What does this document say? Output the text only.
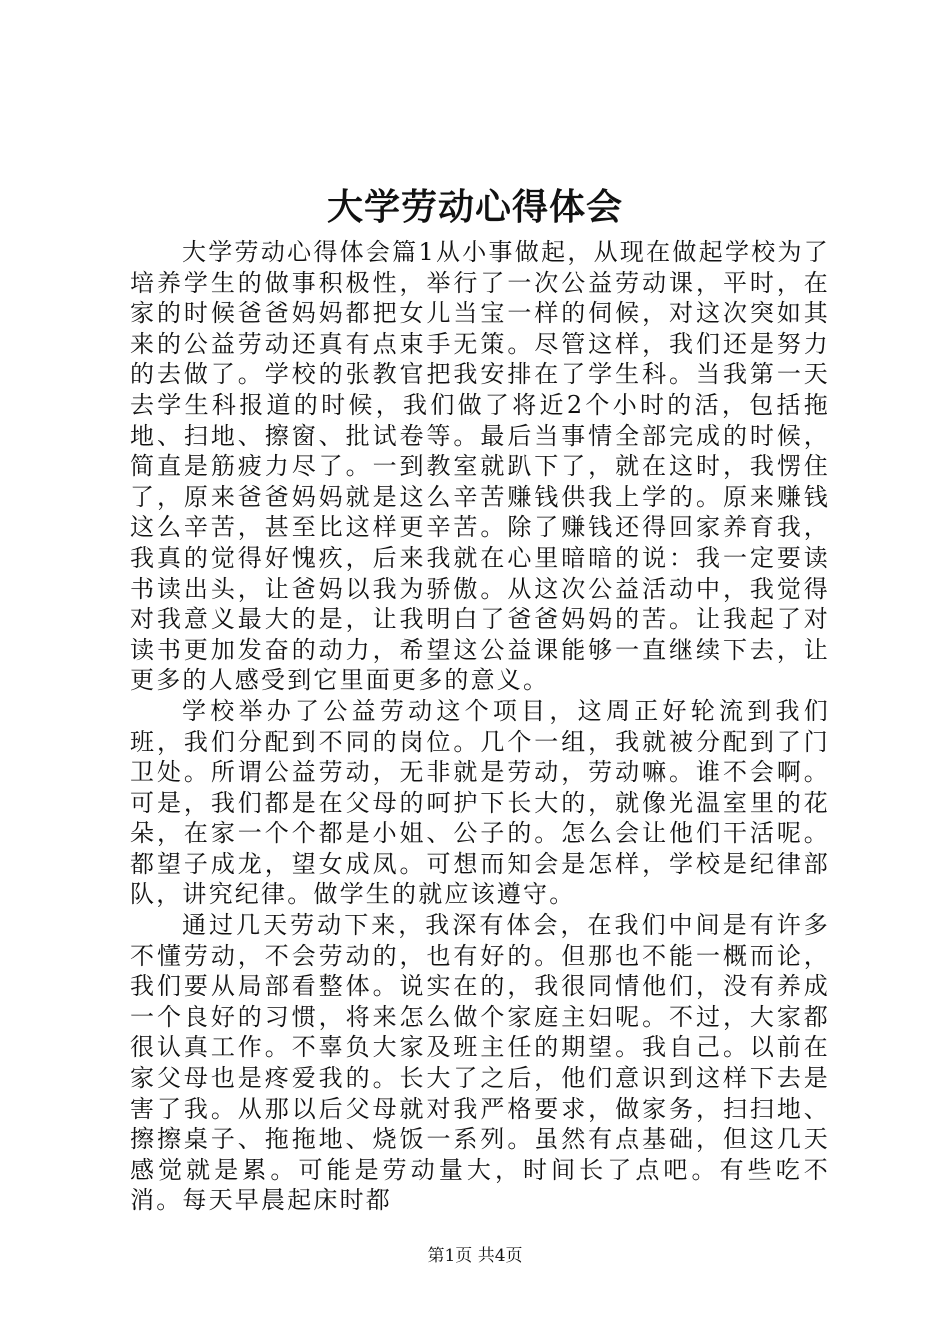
大学劳动心得体会

大学劳动心得体会篇1从小事做起，从现在做起学校为了培养学生的做事积极性，举行了一次公益劳动课，平时，在家的时候爸爸妈妈都把女儿当宝一样的伺候，对这次突如其来的公益劳动还真有点束手无策。尽管这样，我们还是努力的去做了。学校的张教官把我安排在了学生科。当我第一天去学生科报道的时候，我们做了将近2个小时的活，包括拖地、扫地、擦窗、批试卷等。最后当事情全部完成的时候，简直是筋疲力尽了。一到教室就趴下了，就在这时，我愣住了，原来爸爸妈妈就是这么辛苦赚钱供我上学的。原来赚钱这么辛苦，甚至比这样更辛苦。除了赚钱还得回家养育我，我真的觉得好愧疚，后来我就在心里暗暗的说：我一定要读书读出头，让爸妈以我为骄傲。从这次公益活动中，我觉得对我意义最大的是，让我明白了爸爸妈妈的苦。让我起了对读书更加发奋的动力，希望这公益课能够一直继续下去，让更多的人感受到它里面更多的意义。

学校举办了公益劳动这个项目，这周正好轮流到我们班，我们分配到不同的岗位。几个一组，我就被分配到了门卫处。所谓公益劳动，无非就是劳动，劳动嘛。谁不会啊。可是，我们都是在父母的呵护下长大的，就像光温室里的花朵，在家一个个都是小姐、公子的。怎么会让他们干活呢。都望子成龙，望女成凤。可想而知会是怎样，学校是纪律部队，讲究纪律。做学生的就应该遵守。

通过几天劳动下来，我深有体会，在我们中间是有许多不懂劳动，不会劳动的，也有好的。但那也不能一概而论，我们要从局部看整体。说实在的，我很同情他们，没有养成一个良好的习惯，将来怎么做个家庭主妇呢。不过，大家都很认真工作。不辜负大家及班主任的期望。我自己。以前在家父母也是疼爱我的。长大了之后，他们意识到这样下去是害了我。从那以后父母就对我严格要求，做家务，扫扫地、擦擦桌子、拖拖地、烧饭一系列。虽然有点基础，但这几天感觉就是累。可能是劳动量大，时间长了点吧。有些吃不消。每天早晨起床时都

第1页 共4页
